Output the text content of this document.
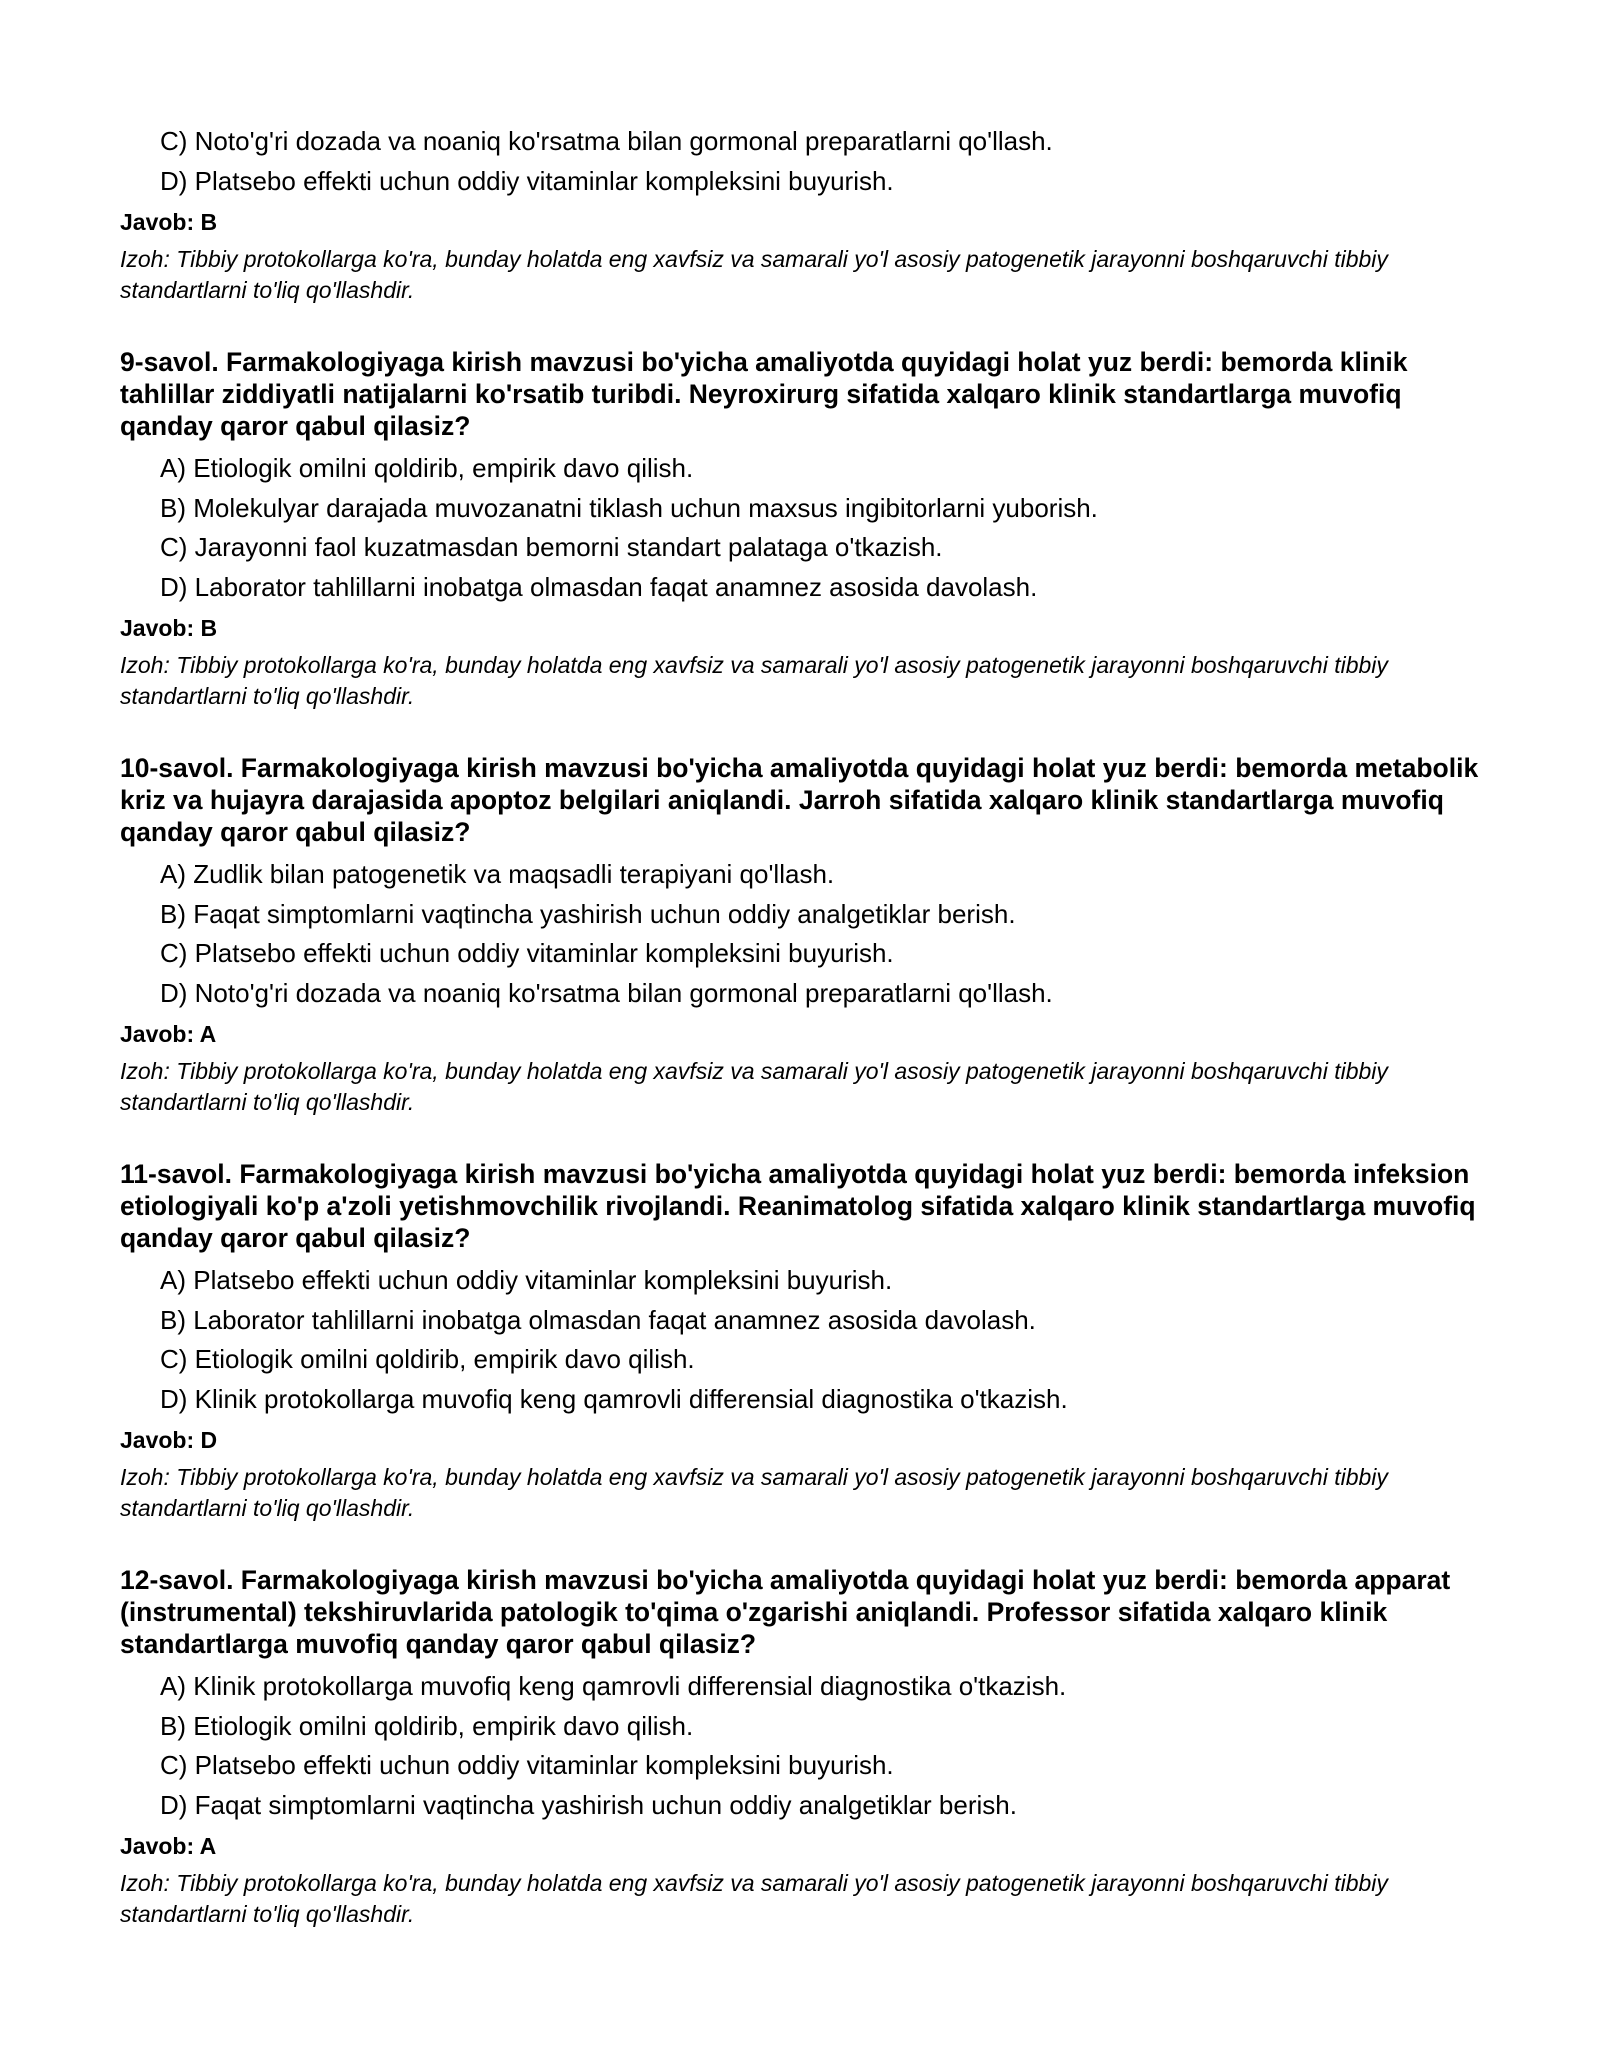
C) Noto'g'ri dozada va noaniq ko'rsatma bilan gormonal preparatlarni qo'llash.
D) Platsebo effekti uchun oddiy vitaminlar kompleksini buyurish.
Javob: B
Izoh: Tibbiy protokollarga ko'ra, bunday holatda eng xavfsiz va samarali yo'l asosiy patogenetik jarayonni boshqaruvchi tibbiy standartlarni to'liq qo'llashdir.
9-savol. Farmakologiyaga kirish mavzusi bo'yicha amaliyotda quyidagi holat yuz berdi: bemorda klinik tahlillar ziddiyatli natijalarni ko'rsatib turibdi. Neyroxirurg sifatida xalqaro klinik standartlarga muvofiq qanday qaror qabul qilasiz?
A) Etiologik omilni qoldirib, empirik davo qilish.
B) Molekulyar darajada muvozanatni tiklash uchun maxsus ingibitorlarni yuborish.
C) Jarayonni faol kuzatmasdan bemorni standart palataga o'tkazish.
D) Laborator tahlillarni inobatga olmasdan faqat anamnez asosida davolash.
Javob: B
Izoh: Tibbiy protokollarga ko'ra, bunday holatda eng xavfsiz va samarali yo'l asosiy patogenetik jarayonni boshqaruvchi tibbiy standartlarni to'liq qo'llashdir.
10-savol. Farmakologiyaga kirish mavzusi bo'yicha amaliyotda quyidagi holat yuz berdi: bemorda metabolik kriz va hujayra darajasida apoptoz belgilari aniqlandi. Jarroh sifatida xalqaro klinik standartlarga muvofiq qanday qaror qabul qilasiz?
A) Zudlik bilan patogenetik va maqsadli terapiyani qo'llash.
B) Faqat simptomlarni vaqtincha yashirish uchun oddiy analgetiklar berish.
C) Platsebo effekti uchun oddiy vitaminlar kompleksini buyurish.
D) Noto'g'ri dozada va noaniq ko'rsatma bilan gormonal preparatlarni qo'llash.
Javob: A
Izoh: Tibbiy protokollarga ko'ra, bunday holatda eng xavfsiz va samarali yo'l asosiy patogenetik jarayonni boshqaruvchi tibbiy standartlarni to'liq qo'llashdir.
11-savol. Farmakologiyaga kirish mavzusi bo'yicha amaliyotda quyidagi holat yuz berdi: bemorda infeksion etiologiyali ko'p a'zoli yetishmovchilik rivojlandi. Reanimatolog sifatida xalqaro klinik standartlarga muvofiq qanday qaror qabul qilasiz?
A) Platsebo effekti uchun oddiy vitaminlar kompleksini buyurish.
B) Laborator tahlillarni inobatga olmasdan faqat anamnez asosida davolash.
C) Etiologik omilni qoldirib, empirik davo qilish.
D) Klinik protokollarga muvofiq keng qamrovli differensial diagnostika o'tkazish.
Javob: D
Izoh: Tibbiy protokollarga ko'ra, bunday holatda eng xavfsiz va samarali yo'l asosiy patogenetik jarayonni boshqaruvchi tibbiy standartlarni to'liq qo'llashdir.
12-savol. Farmakologiyaga kirish mavzusi bo'yicha amaliyotda quyidagi holat yuz berdi: bemorda apparat (instrumental) tekshiruvlarida patologik to'qima o'zgarishi aniqlandi. Professor sifatida xalqaro klinik standartlarga muvofiq qanday qaror qabul qilasiz?
A) Klinik protokollarga muvofiq keng qamrovli differensial diagnostika o'tkazish.
B) Etiologik omilni qoldirib, empirik davo qilish.
C) Platsebo effekti uchun oddiy vitaminlar kompleksini buyurish.
D) Faqat simptomlarni vaqtincha yashirish uchun oddiy analgetiklar berish.
Javob: A
Izoh: Tibbiy protokollarga ko'ra, bunday holatda eng xavfsiz va samarali yo'l asosiy patogenetik jarayonni boshqaruvchi tibbiy standartlarni to'liq qo'llashdir.
